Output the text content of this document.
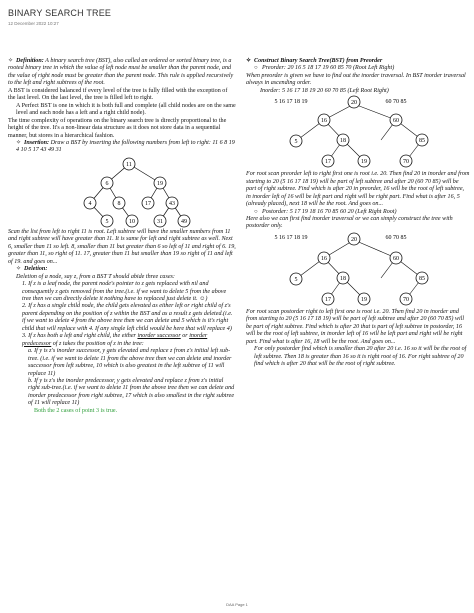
BINARY SEARCH TREE
12 December 2022 10:27

✧ Definition: A binary search tree (BST), also called an ordered or sorted binary tree, is a rooted binary tree in which the value of left node must be smaller than the parent node, and the value of right node must be greater than the parent node. This rule is applied recursively to the left and right subtrees of the root.

A BST is considered balanced if every level of the tree is fully filled with the exception of the last level. On the last level, the tree is filled left to right.

A Perfect BST is one in which it is both full and complete (all child nodes are on the same level and each node has a left and a right child node).

The time complexity of operations on the binary search tree is directly proportional to the height of the tree. It's a non-linear data structure as it does not store data in a sequential manner, but stores in a hierarchical fashion.

✧ Insertion: Draw a BST by inserting the following numbers from left to right: 11 6 8 19 4 10 5 17 43 49 31

11
6	19
4	8	17	43
5	10	31	49

Scan the list from left to right 11 is root. Left subtree will have the smaller numbers from 11 and right subtree will have greater than 11. It is same for left and right subtree as well. Next 6, smaller than 11 so left. 8, smaller than 11 but greater than 6 so left of 11 and right of 6. 19, greater than 11, so right of 11. 17, greater than 11 but smaller than 19 so right of 11 and left of 19. and goes on...

✧ Deletion:

Deletion of a node, say z, from a BST T should abide three cases:

1. If z is a leaf node, the parent node's pointer to z gets replaced with nil and consequently z gets removed from the tree.(i.e. if we want to delete 5 from the above tree then we can directly delete it nothing have to replaced just delete it. ☺)

2. If z has a single child node, the child gets elevated as either left or right child of z's parent depending on the position of z within the BST and as a result z gets deleted.(i.e. if we want to delete 4 from the above tree then we can delete and 5 which is it's right child that will replace with 4. If any single left child would be here that will replace 4)

3. If z has both a left and right child, the either inorder successor or inorder predecessor of z takes the position of z in the tree:

a. If y is z's inorder successor, y gets elevated and replace z from z's initial left sub-tree. (i.e. if we want to delete 11 from the above tree then we can delete and inorder successor from left subtree, 10 which is also greatest in the left subtree of 11 will replace 11)

b. If y is z's the inorder predecessor, y gets elevated and replace z from z's initial right sub-tree.(i.e. if we want to delete 11 from the above tree then we can delete and inorder predecessor from right subtree, 17 which is also smallest in the right subtree of 11 will replace 11)

Both the 2 cases of point 3 is true.

✧ Construct Binary Search Tree(BST) from Preorder

○ Preorder: 20 16 5 18 17 19 60 85 70 (Root Left Right)

When preorder is given we have to find out the inorder traversal. In BST inorder traversal always in ascending order.

Inorder: 5 16 17 18 19 20 60 70 85 (Left Root Right)

5 16 17 18 19	60 70 85
20
16	60
5	18	85
17	19	70

For root scan preorder left to right first one is root i.e. 20. Then find 20 in inorder and from starting to 20 (5 16 17 18 19) will be part of left subtree and after 20 (60 70 85) will be part of right subtree. Find which is after 20 in preorder, 16 will be the root of left subtree, in inorder left of 16 will be left part and right will be right part. Find what is after 16, 5 (already placed), next 18 will be the root. And goes on...

○ Postorder: 5 17 19 18 16 70 85 60 20 (Left Right Root)

Here also we can first find inorder traversal or we can simply construct the tree with postorder only.

5 16 17 18 19	60 70 85
20
16	60
5	18	85
17	19	70

For root scan postorder right to left first one is root i.e. 20. Then find 20 in inorder and from starting to 20 (5 16 17 18 19) will be part of left subtree and after 20 (60 70 85) will be part of right subtree. Find which is after 20 that is part of left subtree in postorder, 16 will be the root of left subtree, in inorder left of 16 will be left part and right will be right part. Find what is after 16, 18 will be the root. And goes on...

For only postorder find which is smaller than 20 after 20 i.e. 16 so it will be the root of left subtree. Then 18 is greater than 16 so it is right root of 16. For right subtree of 20 find which is after 20 that will be the root of right subtree.

DAA Page 1
